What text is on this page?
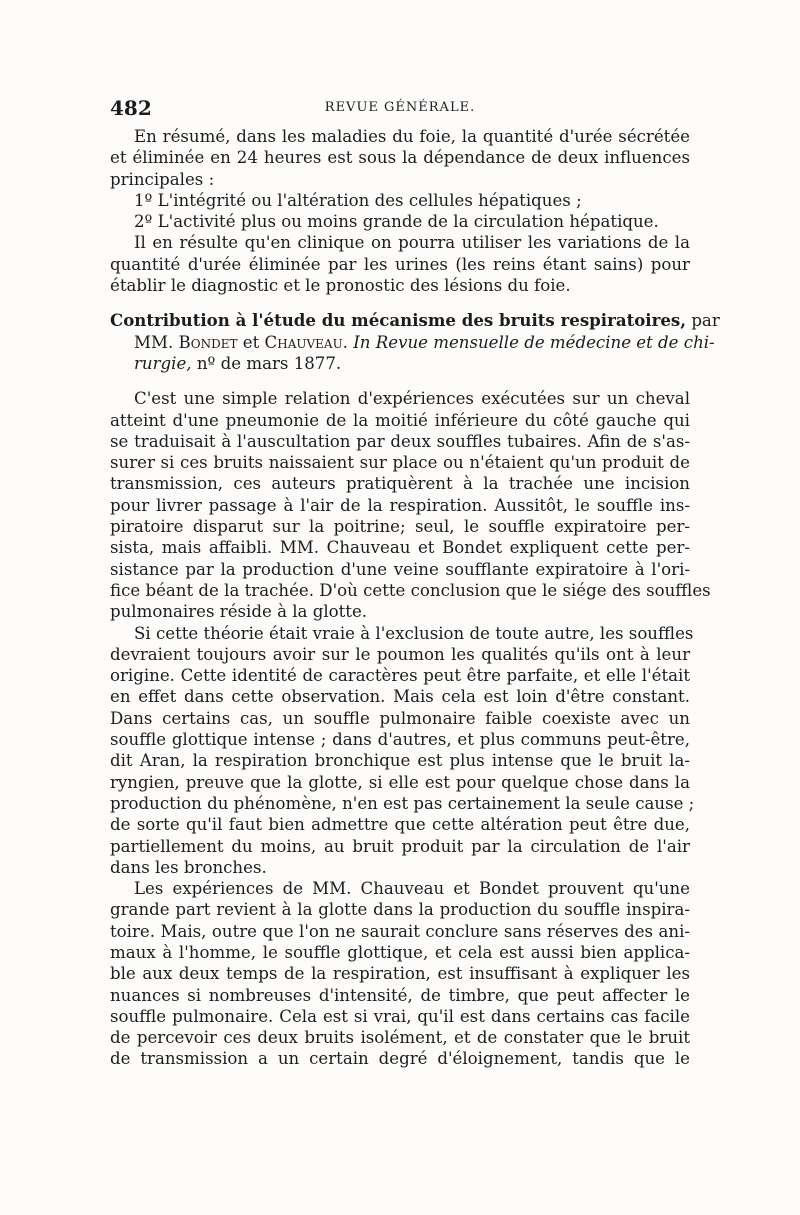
482	REVUE GÉNÉRALE.
En résumé, dans les maladies du foie, la quantité d'urée sécrétée
et éliminée en 24 heures est sous la dépendance de deux influences
principales :
1º L'intégrité ou l'altération des cellules hépatiques ;
2º L'activité plus ou moins grande de la circulation hépatique.
Il en résulte qu'en clinique on pourra utiliser les variations de la
quantité d'urée éliminée par les urines (les reins étant sains) pour
établir le diagnostic et le pronostic des lésions du foie.
Contribution à l'étude du mécanisme des bruits respiratoires, par
MM. Bondet et Chauveau. In Revue mensuelle de médecine et de chi-
rurgie, nº de mars 1877.
C'est une simple relation d'expériences exécutées sur un cheval
atteint d'une pneumonie de la moitié inférieure du côté gauche qui
se traduisait à l'auscultation par deux souffles tubaires. Afin de s'as-
surer si ces bruits naissaient sur place ou n'étaient qu'un produit de
transmission, ces auteurs pratiquèrent à la trachée une incision
pour livrer passage à l'air de la respiration. Aussitôt, le souffle ins-
piratoire disparut sur la poitrine; seul, le souffle expiratoire per-
sista, mais affaibli. MM. Chauveau et Bondet expliquent cette per-
sistance par la production d'une veine soufflante expiratoire à l'ori-
fice béant de la trachée. D'où cette conclusion que le siége des souffles
pulmonaires réside à la glotte.
Si cette théorie était vraie à l'exclusion de toute autre, les souffles
devraient toujours avoir sur le poumon les qualités qu'ils ont à leur
origine. Cette identité de caractères peut être parfaite, et elle l'était
en effet dans cette observation. Mais cela est loin d'être constant.
Dans certains cas, un souffle pulmonaire faible coexiste avec un
souffle glottique intense ; dans d'autres, et plus communs peut-être,
dit Aran, la respiration bronchique est plus intense que le bruit la-
ryngien, preuve que la glotte, si elle est pour quelque chose dans la
production du phénomène, n'en est pas certainement la seule cause ;
de sorte qu'il faut bien admettre que cette altération peut être due,
partiellement du moins, au bruit produit par la circulation de l'air
dans les bronches.
Les expériences de MM. Chauveau et Bondet prouvent qu'une
grande part revient à la glotte dans la production du souffle inspira-
toire. Mais, outre que l'on ne saurait conclure sans réserves des ani-
maux à l'homme, le souffle glottique, et cela est aussi bien applica-
ble aux deux temps de la respiration, est insuffisant à expliquer les
nuances si nombreuses d'intensité, de timbre, que peut affecter le
souffle pulmonaire. Cela est si vrai, qu'il est dans certains cas facile
de percevoir ces deux bruits isolément, et de constater que le bruit
de transmission a un certain degré d'éloignement, tandis que le
